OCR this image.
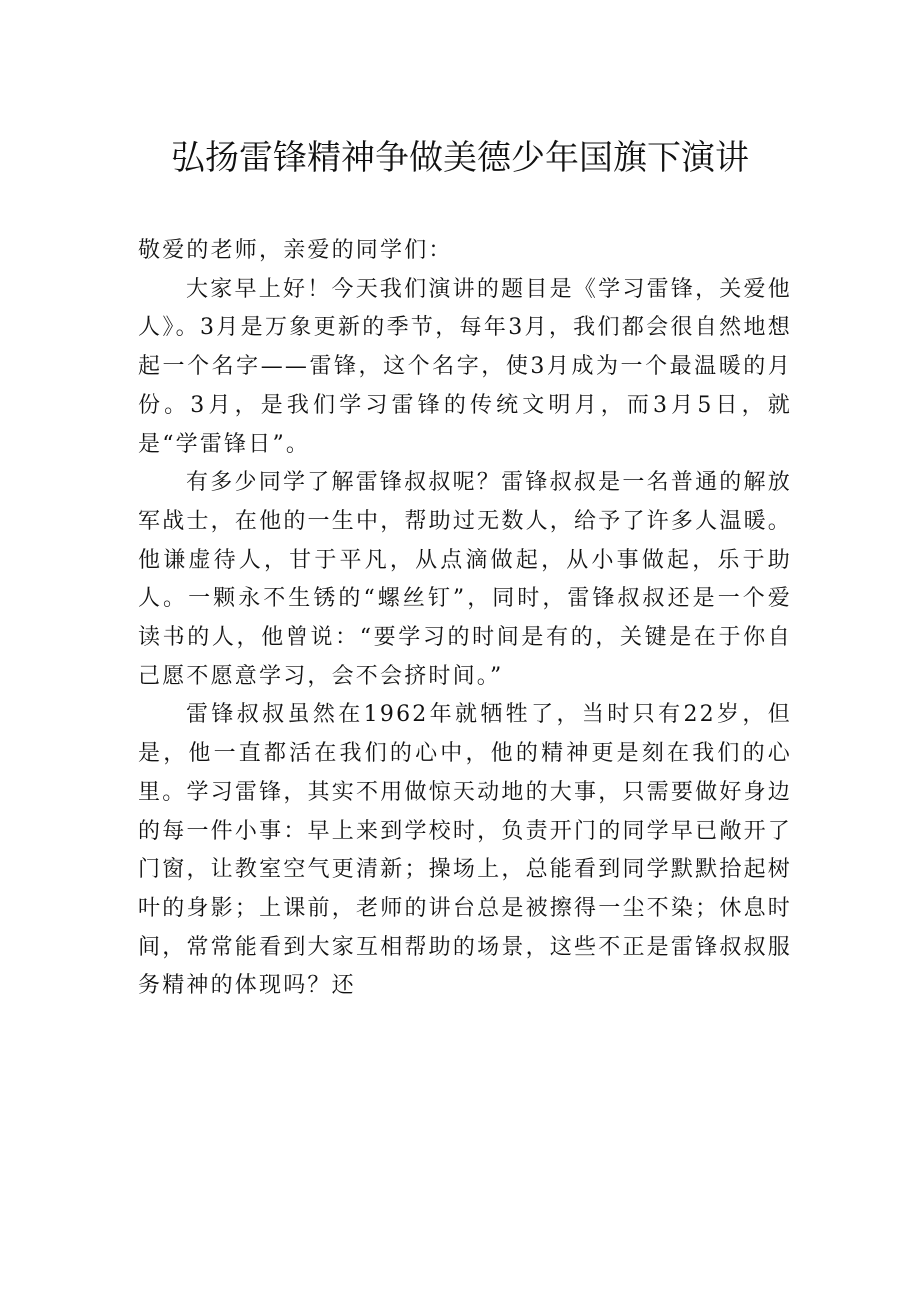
弘扬雷锋精神争做美德少年国旗下演讲

敬爱的老师，亲爱的同学们：

大家早上好！今天我们演讲的题目是《学习雷锋，关爱他人》。3月是万象更新的季节，每年3月，我们都会很自然地想起一个名字——雷锋，这个名字，使3月成为一个最温暖的月份。3月，是我们学习雷锋的传统文明月，而3月5日，就是“学雷锋日”。

有多少同学了解雷锋叔叔呢？雷锋叔叔是一名普通的解放军战士，在他的一生中，帮助过无数人，给予了许多人温暖。他谦虚待人，甘于平凡，从点滴做起，从小事做起，乐于助人。一颗永不生锈的“螺丝钉”，同时，雷锋叔叔还是一个爱读书的人，他曾说：“要学习的时间是有的，关键是在于你自己愿不愿意学习，会不会挤时间。”

雷锋叔叔虽然在1962年就牺牲了，当时只有22岁，但是，他一直都活在我们的心中，他的精神更是刻在我们的心里。学习雷锋，其实不用做惊天动地的大事，只需要做好身边的每一件小事：早上来到学校时，负责开门的同学早已敞开了门窗，让教室空气更清新；操场上，总能看到同学默默拾起树叶的身影；上课前，老师的讲台总是被擦得一尘不染；休息时间，常常能看到大家互相帮助的场景，这些不正是雷锋叔叔服务精神的体现吗？还
